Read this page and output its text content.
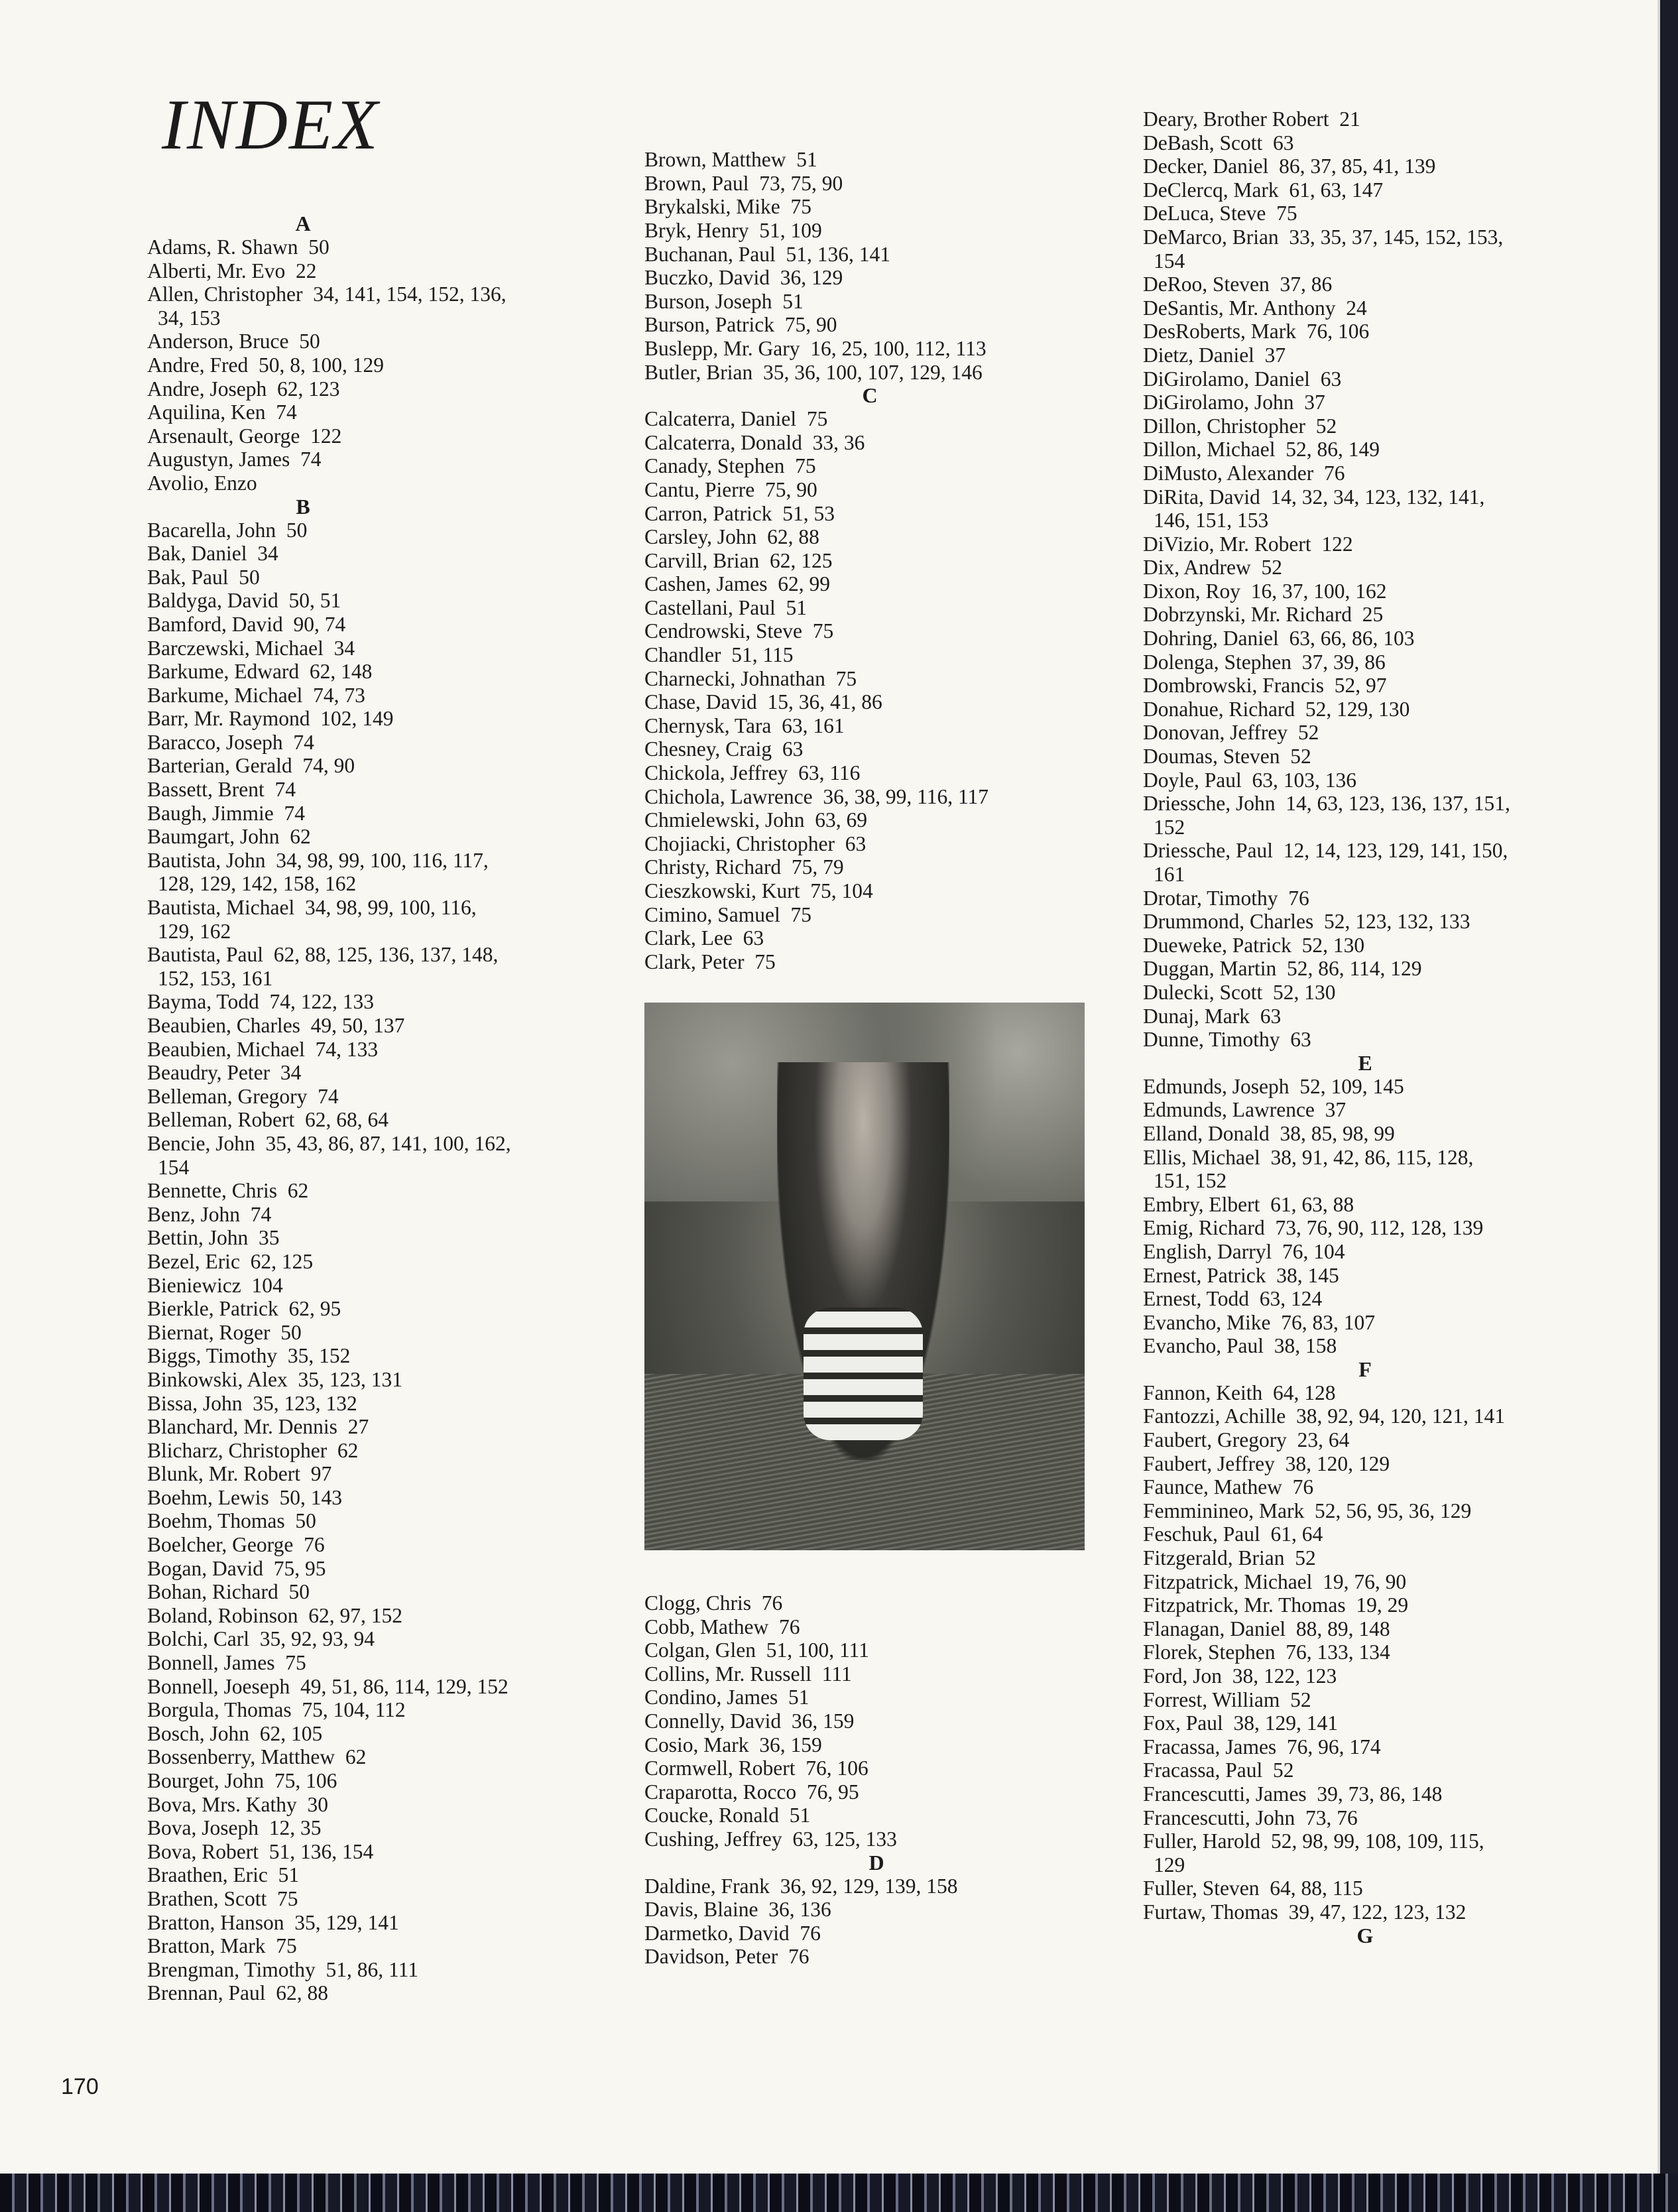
INDEX
A
Adams, R. Shawn  50
Alberti, Mr. Evo  22
Allen, Christopher  34, 141, 154, 152, 136,
34, 153
Anderson, Bruce  50
Andre, Fred  50, 8, 100, 129
Andre, Joseph  62, 123
Aquilina, Ken  74
Arsenault, George  122
Augustyn, James  74
Avolio, Enzo
B
Bacarella, John  50
Bak, Daniel  34
Bak, Paul  50
Baldyga, David  50, 51
Bamford, David  90, 74
Barczewski, Michael  34
Barkume, Edward  62, 148
Barkume, Michael  74, 73
Barr, Mr. Raymond  102, 149
Baracco, Joseph  74
Barterian, Gerald  74, 90
Bassett, Brent  74
Baugh, Jimmie  74
Baumgart, John  62
Bautista, John  34, 98, 99, 100, 116, 117,
128, 129, 142, 158, 162
Bautista, Michael  34, 98, 99, 100, 116,
129, 162
Bautista, Paul  62, 88, 125, 136, 137, 148,
152, 153, 161
Bayma, Todd  74, 122, 133
Beaubien, Charles  49, 50, 137
Beaubien, Michael  74, 133
Beaudry, Peter  34
Belleman, Gregory  74
Belleman, Robert  62, 68, 64
Bencie, John  35, 43, 86, 87, 141, 100, 162,
154
Bennette, Chris  62
Benz, John  74
Bettin, John  35
Bezel, Eric  62, 125
Bieniewicz  104
Bierkle, Patrick  62, 95
Biernat, Roger  50
Biggs, Timothy  35, 152
Binkowski, Alex  35, 123, 131
Bissa, John  35, 123, 132
Blanchard, Mr. Dennis  27
Blicharz, Christopher  62
Blunk, Mr. Robert  97
Boehm, Lewis  50, 143
Boehm, Thomas  50
Boelcher, George  76
Bogan, David  75, 95
Bohan, Richard  50
Boland, Robinson  62, 97, 152
Bolchi, Carl  35, 92, 93, 94
Bonnell, James  75
Bonnell, Joeseph  49, 51, 86, 114, 129, 152
Borgula, Thomas  75, 104, 112
Bosch, John  62, 105
Bossenberry, Matthew  62
Bourget, John  75, 106
Bova, Mrs. Kathy  30
Bova, Joseph  12, 35
Bova, Robert  51, 136, 154
Braathen, Eric  51
Brathen, Scott  75
Bratton, Hanson  35, 129, 141
Bratton, Mark  75
Brengman, Timothy  51, 86, 111
Brennan, Paul  62, 88

Brown, Matthew  51
Brown, Paul  73, 75, 90
Brykalski, Mike  75
Bryk, Henry  51, 109
Buchanan, Paul  51, 136, 141
Buczko, David  36, 129
Burson, Joseph  51
Burson, Patrick  75, 90
Buslepp, Mr. Gary  16, 25, 100, 112, 113
Butler, Brian  35, 36, 100, 107, 129, 146
C
Calcaterra, Daniel  75
Calcaterra, Donald  33, 36
Canady, Stephen  75
Cantu, Pierre  75, 90
Carron, Patrick  51, 53
Carsley, John  62, 88
Carvill, Brian  62, 125
Cashen, James  62, 99
Castellani, Paul  51
Cendrowski, Steve  75
Chandler  51, 115
Charnecki, Johnathan  75
Chase, David  15, 36, 41, 86
Chernysk, Tara  63, 161
Chesney, Craig  63
Chickola, Jeffrey  63, 116
Chichola, Lawrence  36, 38, 99, 116, 117
Chmielewski, John  63, 69
Chojiacki, Christopher  63
Christy, Richard  75, 79
Cieszkowski, Kurt  75, 104
Cimino, Samuel  75
Clark, Lee  63
Clark, Peter  75

Clogg, Chris  76
Cobb, Mathew  76
Colgan, Glen  51, 100, 111
Collins, Mr. Russell  111
Condino, James  51
Connelly, David  36, 159
Cosio, Mark  36, 159
Cormwell, Robert  76, 106
Craparotta, Rocco  76, 95
Coucke, Ronald  51
Cushing, Jeffrey  63, 125, 133
D
Daldine, Frank  36, 92, 129, 139, 158
Davis, Blaine  36, 136
Darmetko, David  76
Davidson, Peter  76
Deary, Brother Robert  21
DeBash, Scott  63
Decker, Daniel  86, 37, 85, 41, 139
DeClercq, Mark  61, 63, 147
DeLuca, Steve  75
DeMarco, Brian  33, 35, 37, 145, 152, 153,
154
DeRoo, Steven  37, 86
DeSantis, Mr. Anthony  24
DesRoberts, Mark  76, 106
Dietz, Daniel  37
DiGirolamo, Daniel  63
DiGirolamo, John  37
Dillon, Christopher  52
Dillon, Michael  52, 86, 149
DiMusto, Alexander  76
DiRita, David  14, 32, 34, 123, 132, 141,
146, 151, 153
DiVizio, Mr. Robert  122
Dix, Andrew  52
Dixon, Roy  16, 37, 100, 162
Dobrzynski, Mr. Richard  25
Dohring, Daniel  63, 66, 86, 103
Dolenga, Stephen  37, 39, 86
Dombrowski, Francis  52, 97
Donahue, Richard  52, 129, 130
Donovan, Jeffrey  52
Doumas, Steven  52
Doyle, Paul  63, 103, 136
Driessche, John  14, 63, 123, 136, 137, 151,
152
Driessche, Paul  12, 14, 123, 129, 141, 150,
161
Drotar, Timothy  76
Drummond, Charles  52, 123, 132, 133
Dueweke, Patrick  52, 130
Duggan, Martin  52, 86, 114, 129
Dulecki, Scott  52, 130
Dunaj, Mark  63
Dunne, Timothy  63
E
Edmunds, Joseph  52, 109, 145
Edmunds, Lawrence  37
Elland, Donald  38, 85, 98, 99
Ellis, Michael  38, 91, 42, 86, 115, 128,
151, 152
Embry, Elbert  61, 63, 88
Emig, Richard  73, 76, 90, 112, 128, 139
English, Darryl  76, 104
Ernest, Patrick  38, 145
Ernest, Todd  63, 124
Evancho, Mike  76, 83, 107
Evancho, Paul  38, 158
F
Fannon, Keith  64, 128
Fantozzi, Achille  38, 92, 94, 120, 121, 141
Faubert, Gregory  23, 64
Faubert, Jeffrey  38, 120, 129
Faunce, Mathew  76
Femminineo, Mark  52, 56, 95, 36, 129
Feschuk, Paul  61, 64
Fitzgerald, Brian  52
Fitzpatrick, Michael  19, 76, 90
Fitzpatrick, Mr. Thomas  19, 29
Flanagan, Daniel  88, 89, 148
Florek, Stephen  76, 133, 134
Ford, Jon  38, 122, 123
Forrest, William  52
Fox, Paul  38, 129, 141
Fracassa, James  76, 96, 174
Fracassa, Paul  52
Francescutti, James  39, 73, 86, 148
Francescutti, John  73, 76
Fuller, Harold  52, 98, 99, 108, 109, 115,
129
Fuller, Steven  64, 88, 115
Furtaw, Thomas  39, 47, 122, 123, 132
G
170
